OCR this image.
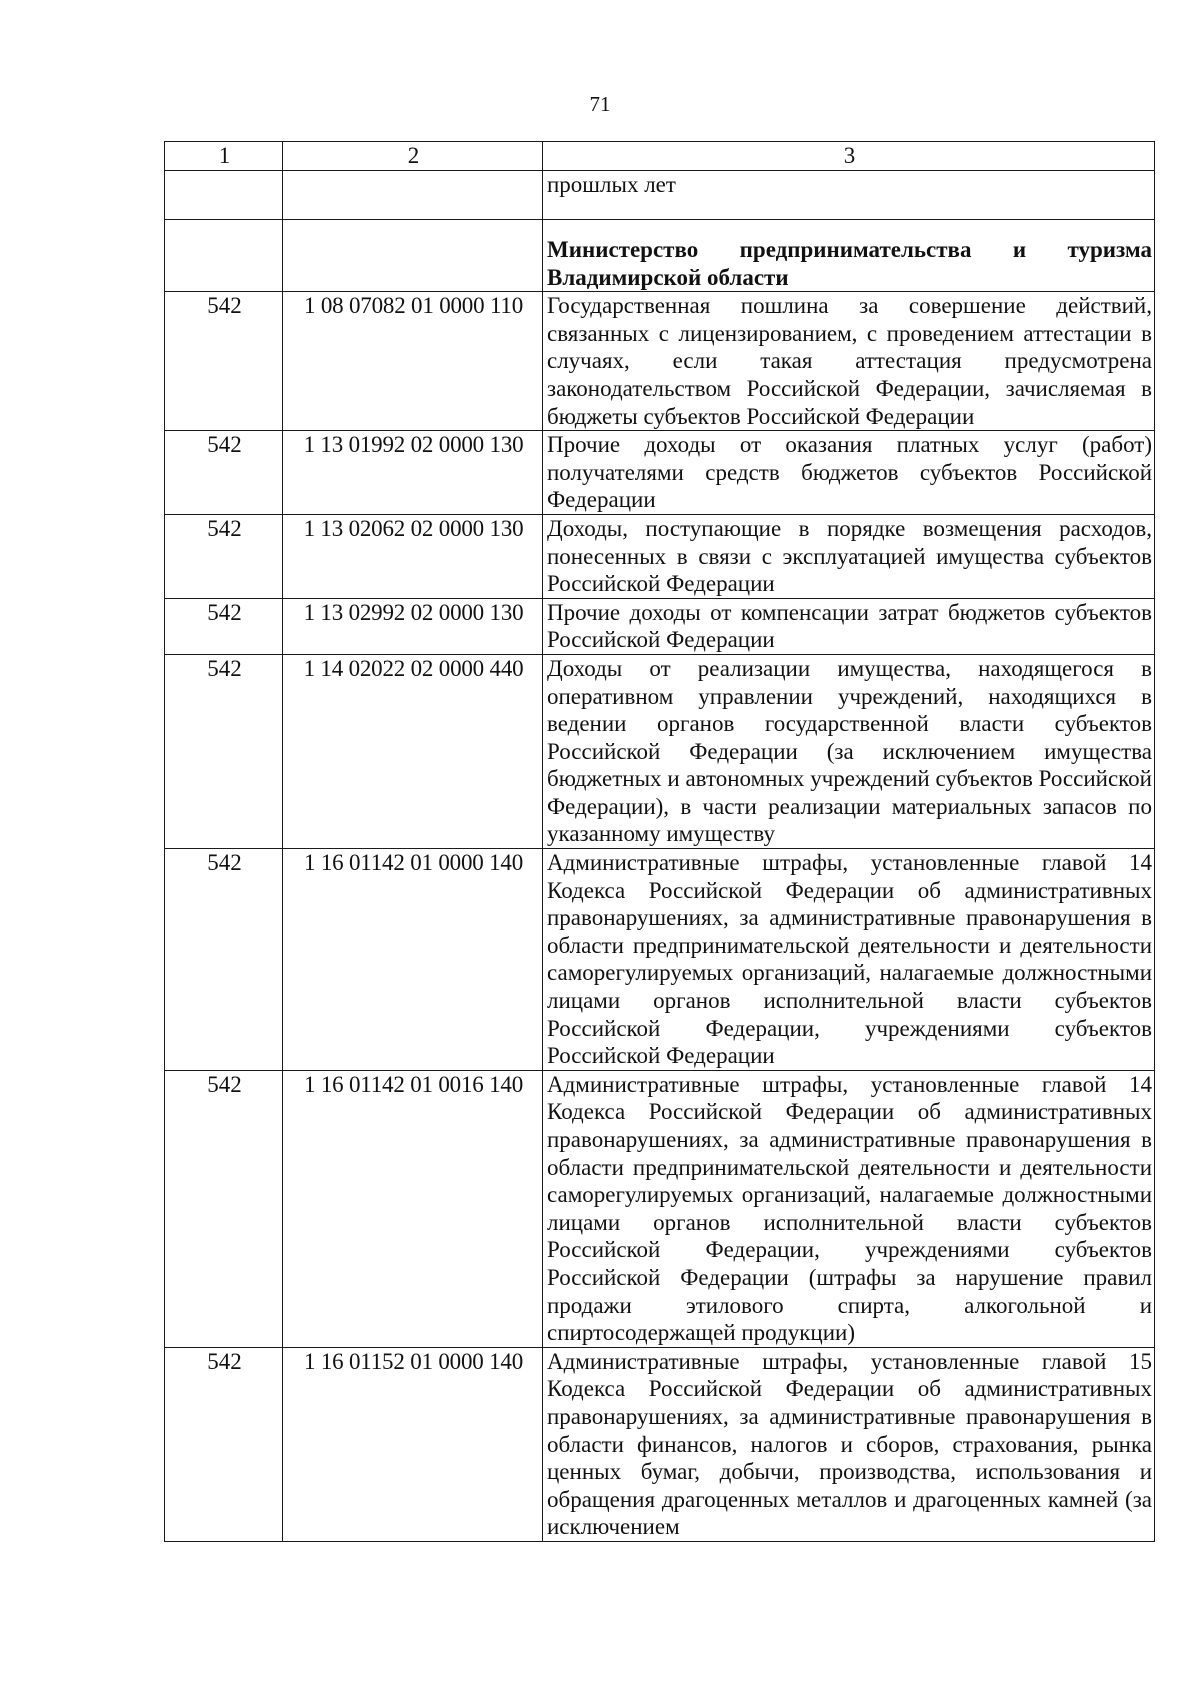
71
1	2	3
		прошлых лет
		Министерство предпринимательства и туризма Владимирской области
542	1 08 07082 01 0000 110	Государственная пошлина за совершение действий, связанных с лицензированием, с проведением аттестации в случаях, если такая аттестация предусмотрена законодательством Российской Федерации, зачисляемая в бюджеты субъектов Российской Федерации
542	1 13 01992 02 0000 130	Прочие доходы от оказания платных услуг (работ) получателями средств бюджетов субъектов Российской Федерации
542	1 13 02062 02 0000 130	Доходы, поступающие в порядке возмещения расходов, понесенных в связи с эксплуатацией имущества субъектов Российской Федерации
542	1 13 02992 02 0000 130	Прочие доходы от компенсации затрат бюджетов субъектов Российской Федерации
542	1 14 02022 02 0000 440	Доходы от реализации имущества, находящегося в оперативном управлении учреждений, находящихся в ведении органов государственной власти субъектов Российской Федерации (за исключением имущества бюджетных и автономных учреждений субъектов Российской Федерации), в части реализации материальных запасов по указанному имуществу
542	1 16 01142 01 0000 140	Административные штрафы, установленные главой 14 Кодекса Российской Федерации об административных правонарушениях, за административные правонарушения в области предпринимательской деятельности и деятельности саморегулируемых организаций, налагаемые должностными лицами органов исполнительной власти субъектов Российской Федерации, учреждениями субъектов Российской Федерации
542	1 16 01142 01 0016 140	Административные штрафы, установленные главой 14 Кодекса Российской Федерации об административных правонарушениях, за административные правонарушения в области предпринимательской деятельности и деятельности саморегулируемых организаций, налагаемые должностными лицами органов исполнительной власти субъектов Российской Федерации, учреждениями субъектов Российской Федерации (штрафы за нарушение правил продажи этилового спирта, алкогольной и спиртосодержащей продукции)
542	1 16 01152 01 0000 140	Административные штрафы, установленные главой 15 Кодекса Российской Федерации об административных правонарушениях, за административные правонарушения в области финансов, налогов и сборов, страхования, рынка ценных бумаг, добычи, производства, использования и обращения драгоценных металлов и драгоценных камней (за исключением
